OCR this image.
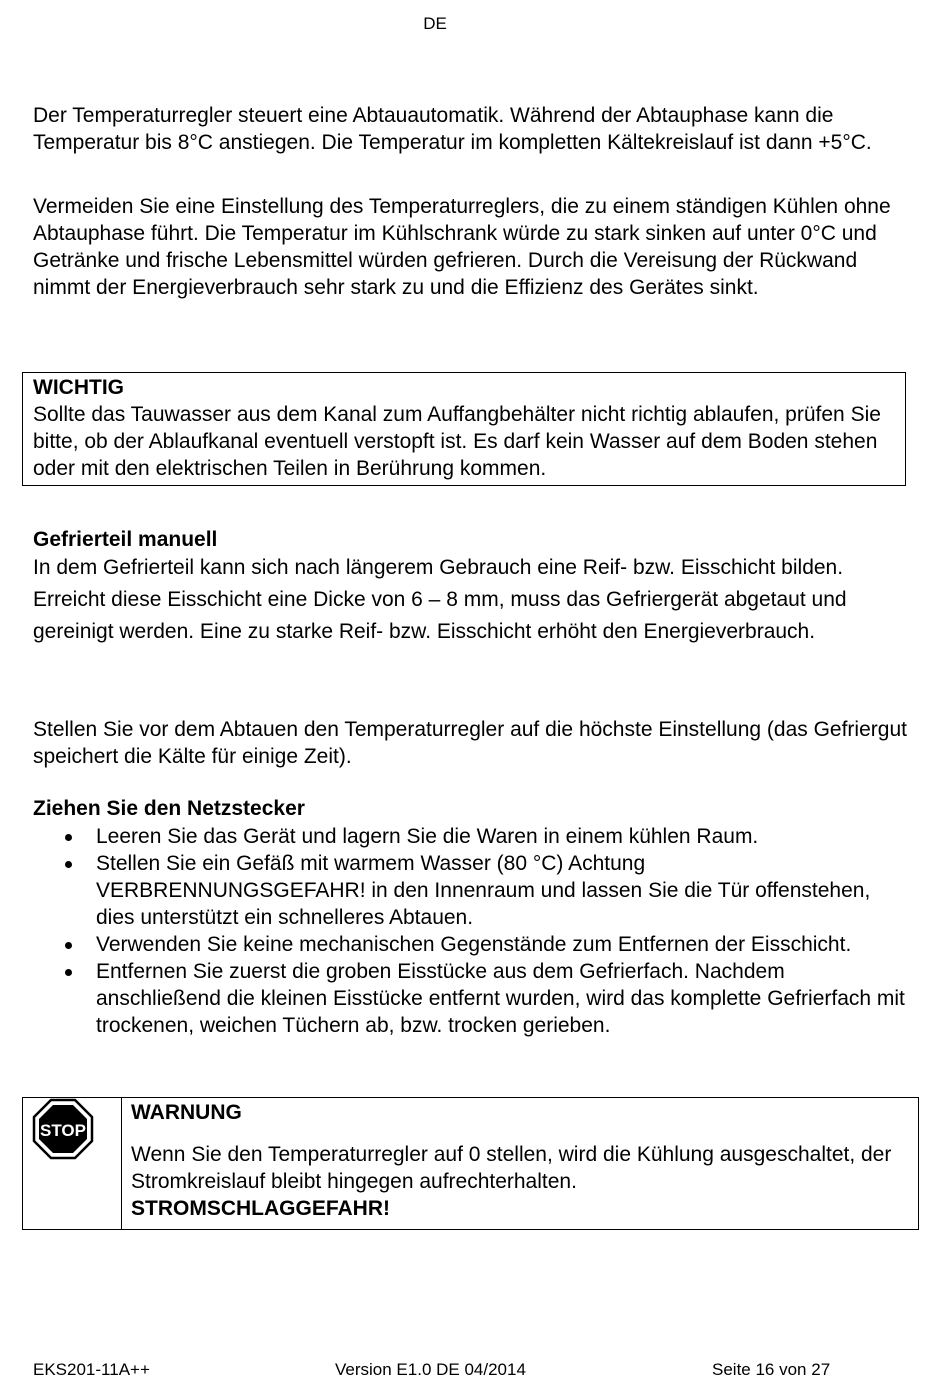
DE

Der Temperaturregler steuert eine Abtauautomatik. Während der Abtauphase kann die Temperatur bis 8°C anstiegen. Die Temperatur im kompletten Kältekreislauf ist dann +5°C.

Vermeiden Sie eine Einstellung des Temperaturreglers, die zu einem ständigen Kühlen ohne Abtauphase führt. Die Temperatur im Kühlschrank würde zu stark sinken auf unter 0°C und Getränke und frische Lebensmittel würden gefrieren. Durch die Vereisung der Rückwand nimmt der Energieverbrauch sehr stark zu und die Effizienz des Gerätes sinkt.

WICHTIG
Sollte das Tauwasser aus dem Kanal zum Auffangbehälter nicht richtig ablaufen, prüfen Sie bitte, ob der Ablaufkanal eventuell verstopft ist. Es darf kein Wasser auf dem Boden stehen oder mit den elektrischen Teilen in Berührung kommen.
Gefrierteil manuell
In dem Gefrierteil kann sich nach längerem Gebrauch eine Reif- bzw. Eisschicht bilden. Erreicht diese Eisschicht eine Dicke von 6 – 8 mm, muss das Gefriergerät abgetaut und gereinigt werden. Eine zu starke Reif- bzw. Eisschicht erhöht den Energieverbrauch.

Stellen Sie vor dem Abtauen den Temperaturregler auf die höchste Einstellung (das Gefriergut speichert die Kälte für einige Zeit).

Ziehen Sie den Netzstecker
Leeren Sie das Gerät und lagern Sie die Waren in einem kühlen Raum.
Stellen Sie ein Gefäß mit warmem Wasser (80 °C) Achtung VERBRENNUNGSGEFAHR! in den Innenraum und lassen Sie die Tür offenstehen, dies unterstützt ein schnelleres Abtauen.
Verwenden Sie keine mechanischen Gegenstände zum Entfernen der Eisschicht.
Entfernen Sie zuerst die groben Eisstücke aus dem Gefrierfach. Nachdem anschließend die kleinen Eisstücke entfernt wurden, wird das komplette Gefrierfach mit trockenen, weichen Tüchern ab, bzw. trocken gerieben.
STOP
WARNUNG
Wenn Sie den Temperaturregler auf 0 stellen, wird die Kühlung ausgeschaltet, der Stromkreislauf bleibt hingegen aufrechterhalten.
STROMSCHLAGGEFAHR!
EKS201-11A++	Version E1.0 DE 04/2014	Seite 16 von 27
